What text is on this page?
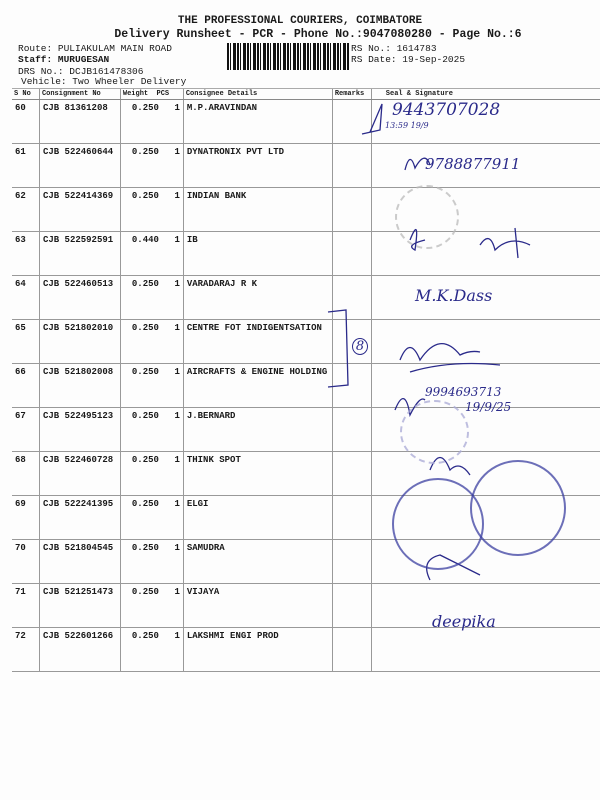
THE PROFESSIONAL COURIERS, COIMBATORE
Delivery Runsheet - PCR - Phone No.:9047080280 - Page No.:6
Route: PULIAKULAM MAIN ROAD
Staff: MURUGESAN
DRS No.: DCJB161478306
Vehicle: Two Wheeler Delivery
RS No.: 1614783
RS Date: 19-Sep-2025
S No	Consignment No	Weight PCS	Consignee Details	Remarks	Seal & Signature
60	CJB 81361208	0.250 1	M.P.ARAVINDAN		
61	CJB 522460644	0.250 1	DYNATRONIX PVT LTD		
62	CJB 522414369	0.250 1	INDIAN BANK		
63	CJB 522592591	0.440 1	IB		
64	CJB 522460513	0.250 1	VARADARAJ R K		
65	CJB 521802010	0.250 1	CENTRE FOT INDIGENTSATION		
66	CJB 521802008	0.250 1	AIRCRAFTS & ENGINE HOLDING		
67	CJB 522495123	0.250 1	J.BERNARD		
68	CJB 522460728	0.250 1	THINK SPOT		
69	CJB 522241395	0.250 1	ELGI		
70	CJB 521804545	0.250 1	SAMUDRA		
71	CJB 521251473	0.250 1	VIJAYA		
72	CJB 522601266	0.250 1	LAKSHMI ENGI PROD		
9443707028
13:59 19/9
9788877911
M.K.Dass
9994693713
19/9/25
deepika
8
